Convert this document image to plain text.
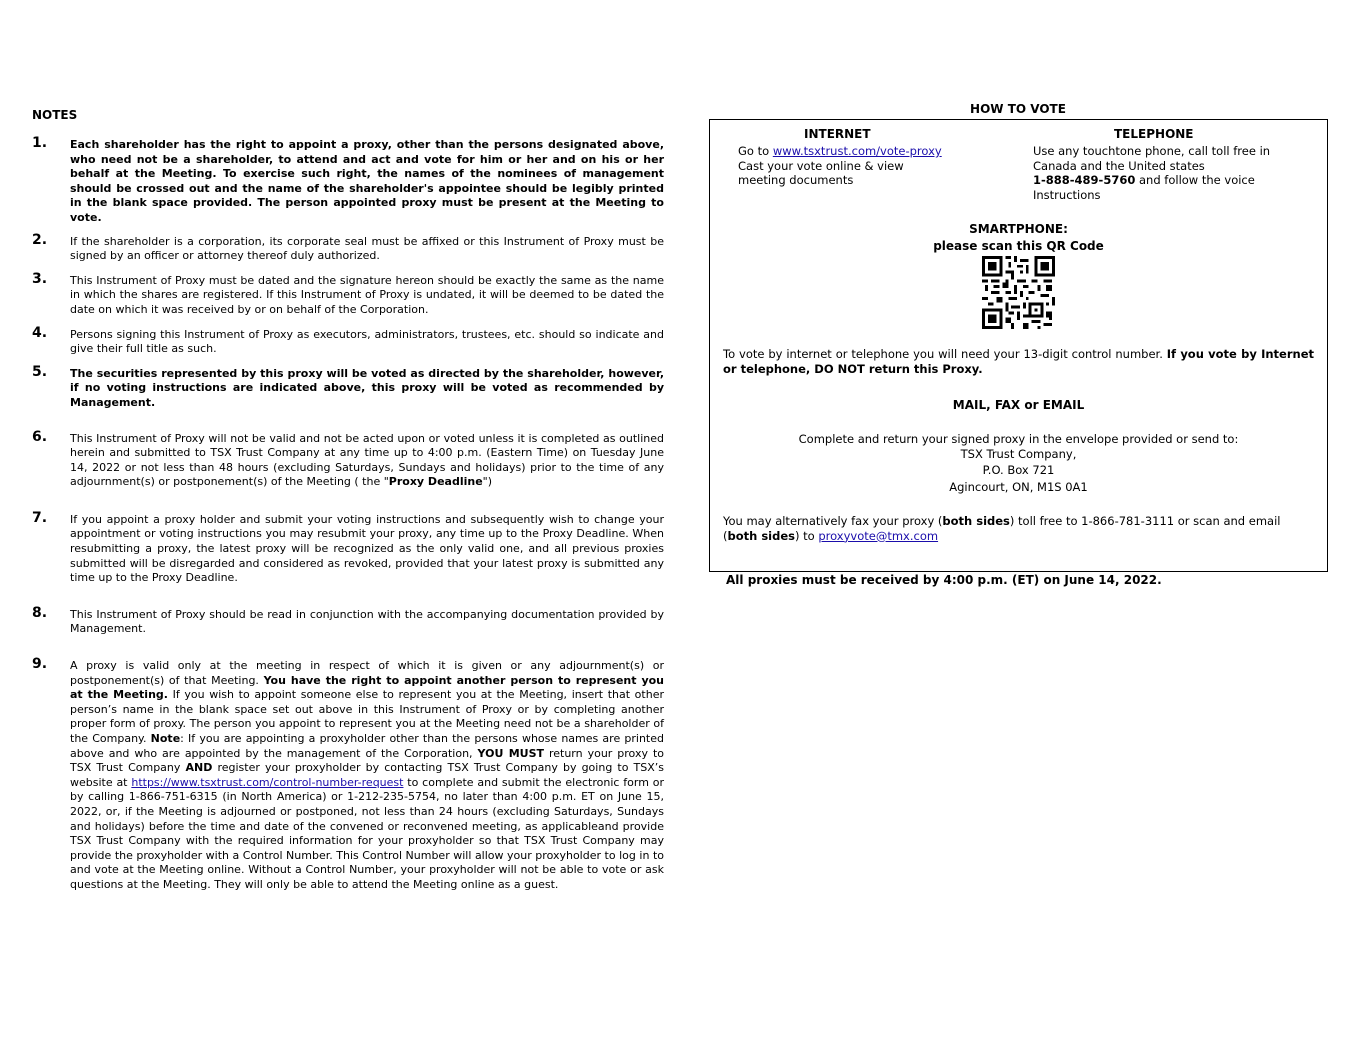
NOTES
1. Each shareholder has the right to appoint a proxy, other than the persons designated above, who need not be a shareholder, to attend and act and vote for him or her and on his or her behalf at the Meeting. To exercise such right, the names of the nominees of management should be crossed out and the name of the shareholder's appointee should be legibly printed in the blank space provided. The person appointed proxy must be present at the Meeting to vote.
2. If the shareholder is a corporation, its corporate seal must be affixed or this Instrument of Proxy must be signed by an officer or attorney thereof duly authorized.
3. This Instrument of Proxy must be dated and the signature hereon should be exactly the same as the name in which the shares are registered. If this Instrument of Proxy is undated, it will be deemed to be dated the date on which it was received by or on behalf of the Corporation.
4. Persons signing this Instrument of Proxy as executors, administrators, trustees, etc. should so indicate and give their full title as such.
5. The securities represented by this proxy will be voted as directed by the shareholder, however, if no voting instructions are indicated above, this proxy will be voted as recommended by Management.
6. This Instrument of Proxy will not be valid and not be acted upon or voted unless it is completed as outlined herein and submitted to TSX Trust Company at any time up to 4:00 p.m. (Eastern Time) on Tuesday June 14, 2022 or not less than 48 hours (excluding Saturdays, Sundays and holidays) prior to the time of any adjournment(s) or postponement(s) of the Meeting ( the "Proxy Deadline")
7. If you appoint a proxy holder and submit your voting instructions and subsequently wish to change your appointment or voting instructions you may resubmit your proxy, any time up to the Proxy Deadline. When resubmitting a proxy, the latest proxy will be recognized as the only valid one, and all previous proxies submitted will be disregarded and considered as revoked, provided that your latest proxy is submitted any time up to the Proxy Deadline.
8. This Instrument of Proxy should be read in conjunction with the accompanying documentation provided by Management.
9. A proxy is valid only at the meeting in respect of which it is given or any adjournment(s) or postponement(s) of that Meeting. You have the right to appoint another person to represent you at the Meeting. If you wish to appoint someone else to represent you at the Meeting, insert that other person’s name in the blank space set out above in this Instrument of Proxy or by completing another proper form of proxy. The person you appoint to represent you at the Meeting need not be a shareholder of the Company. Note: If you are appointing a proxyholder other than the persons whose names are printed above and who are appointed by the management of the Corporation, YOU MUST return your proxy to TSX Trust Company AND register your proxyholder by contacting TSX Trust Company by going to TSX’s website at https://www.tsxtrust.com/control-number-request to complete and submit the electronic form or by calling 1-866-751-6315 (in North America) or 1-212-235-5754, no later than 4:00 p.m. ET on June 15, 2022, or, if the Meeting is adjourned or postponed, not less than 24 hours (excluding Saturdays, Sundays and holidays) before the time and date of the convened or reconvened meeting, as applicableand provide TSX Trust Company with the required information for your proxyholder so that TSX Trust Company may provide the proxyholder with a Control Number. This Control Number will allow your proxyholder to log in to and vote at the Meeting online. Without a Control Number, your proxyholder will not be able to vote or ask questions at the Meeting. They will only be able to attend the Meeting online as a guest.
HOW TO VOTE
INTERNET
Go to www.tsxtrust.com/vote-proxy
Cast your vote online & view
meeting documents
TELEPHONE
Use any touchtone phone, call toll free in
Canada and the United states
1-888-489-5760 and follow the voice
Instructions
SMARTPHONE:
please scan this QR Code
To vote by internet or telephone you will need your 13-digit control number. If you vote by Internet or telephone, DO NOT return this Proxy.
MAIL, FAX or EMAIL
Complete and return your signed proxy in the envelope provided or send to:
TSX Trust Company,
P.O. Box 721
Agincourt, ON, M1S 0A1
You may alternatively fax your proxy (both sides) toll free to 1-866-781-3111 or scan and email (both sides) to proxyvote@tmx.com
All proxies must be received by 4:00 p.m. (ET) on June 14, 2022.
